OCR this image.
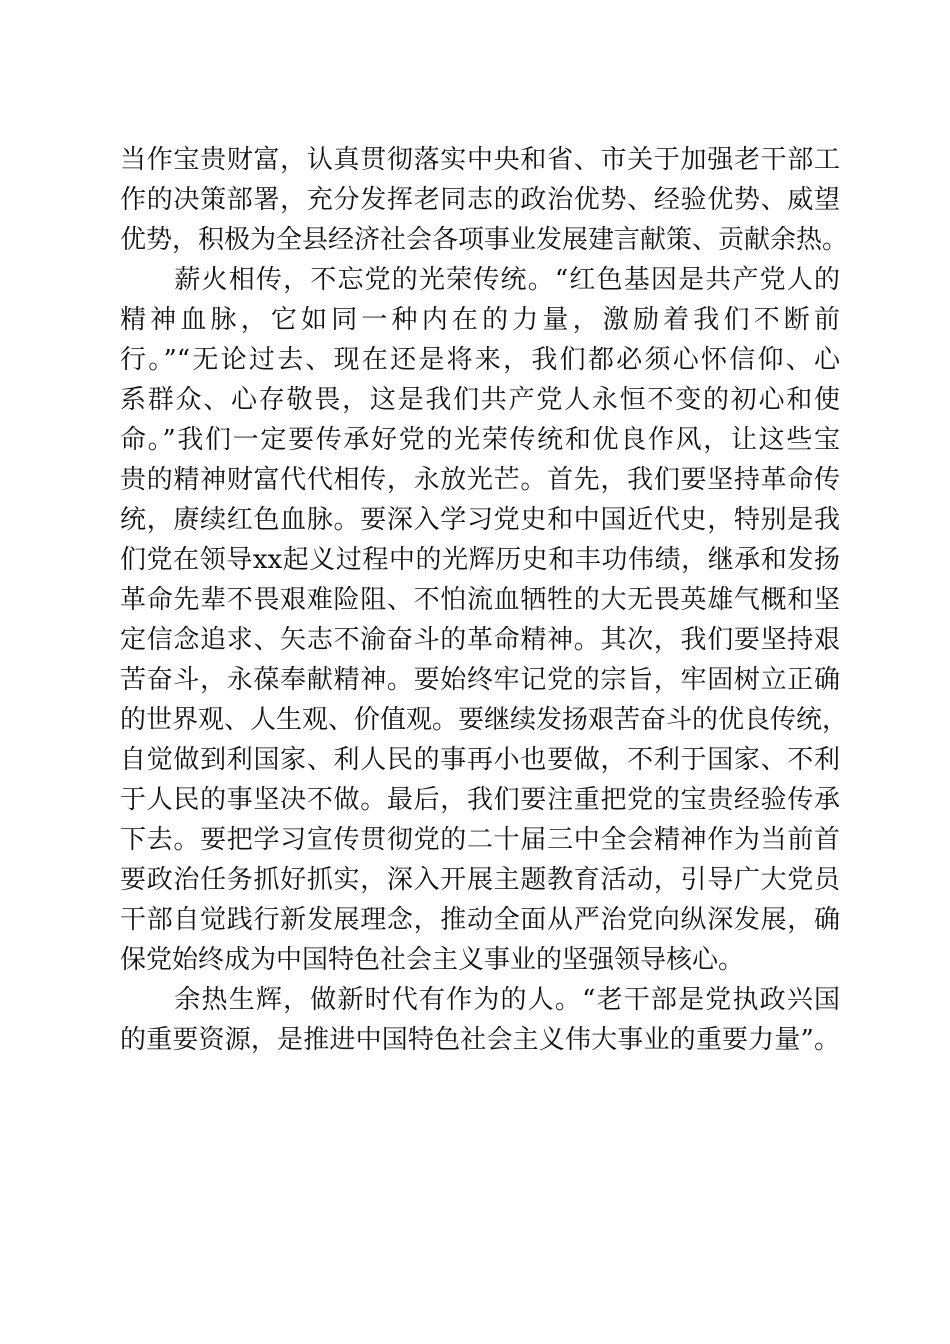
当作宝贵财富，认真贯彻落实中央和省、市关于加强老干部工
作的决策部署，充分发挥老同志的政治优势、经验优势、威望
优势，积极为全县经济社会各项事业发展建言献策、贡献余热。
　　薪火相传，不忘党的光荣传统。“红色基因是共产党人的
精神血脉，它如同一种内在的力量，激励着我们不断前
行。”“无论过去、现在还是将来，我们都必须心怀信仰、心
系群众、心存敬畏，这是我们共产党人永恒不变的初心和使
命。”我们一定要传承好党的光荣传统和优良作风，让这些宝
贵的精神财富代代相传，永放光芒。首先，我们要坚持革命传
统，赓续红色血脉。要深入学习党史和中国近代史，特别是我
们党在领导xx起义过程中的光辉历史和丰功伟绩，继承和发扬
革命先辈不畏艰难险阻、不怕流血牺牲的大无畏英雄气概和坚
定信念追求、矢志不渝奋斗的革命精神。其次，我们要坚持艰
苦奋斗，永葆奉献精神。要始终牢记党的宗旨，牢固树立正确
的世界观、人生观、价值观。要继续发扬艰苦奋斗的优良传统，
自觉做到利国家、利人民的事再小也要做，不利于国家、不利
于人民的事坚决不做。最后，我们要注重把党的宝贵经验传承
下去。要把学习宣传贯彻党的二十届三中全会精神作为当前首
要政治任务抓好抓实，深入开展主题教育活动，引导广大党员
干部自觉践行新发展理念，推动全面从严治党向纵深发展，确
保党始终成为中国特色社会主义事业的坚强领导核心。
　　余热生辉，做新时代有作为的人。“老干部是党执政兴国
的重要资源，是推进中国特色社会主义伟大事业的重要力量”。
